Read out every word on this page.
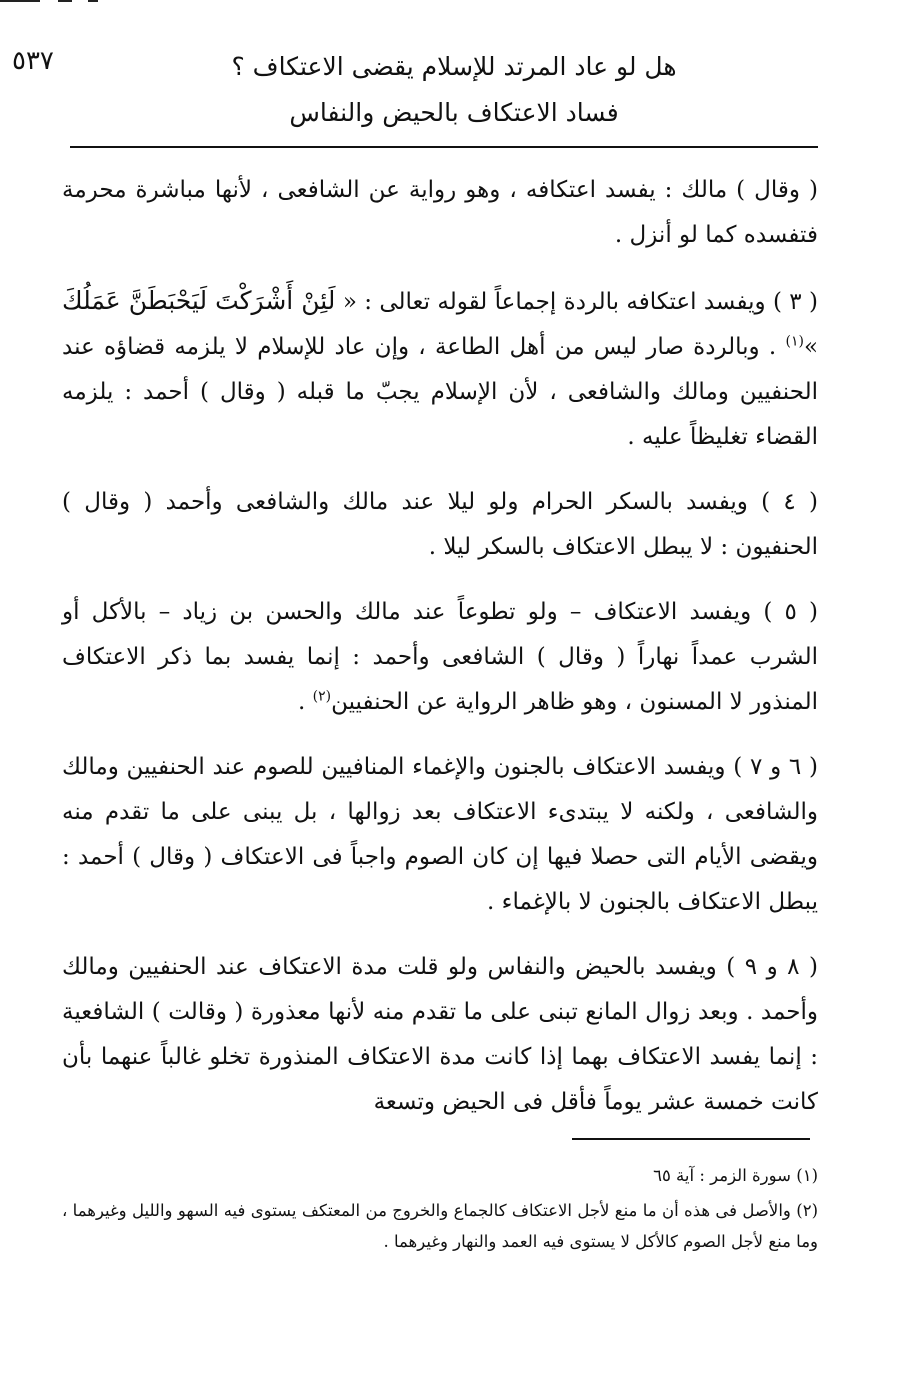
هل لو عاد المرتد للإسلام يقضى الاعتكاف ؟
فساد الاعتكاف بالحيض والنفاس
٥٣٧

( وقال ) مالك : يفسد اعتكافه ، وهو رواية عن الشافعى ، لأنها مباشرة محرمة فتفسده كما لو أنزل .

( ٣ ) ويفسد اعتكافه بالردة إجماعاً لقوله تعالى : « لَئِنْ أَشْرَكْتَ لَيَحْبَطَنَّ عَمَلُكَ »$^{(١)}$ . وبالردة صار ليس من أهل الطاعة ، وإن عاد للإسلام لا يلزمه قضاؤه عند الحنفيين ومالك والشافعى ، لأن الإسلام يجبّ ما قبله ( وقال ) أحمد : يلزمه القضاء تغليظاً عليه .

( ٤ ) ويفسد بالسكر الحرام ولو ليلا عند مالك والشافعى وأحمد ( وقال ) الحنفيون : لا يبطل الاعتكاف بالسكر ليلا .

( ٥ ) ويفسد الاعتكاف – ولو تطوعاً عند مالك والحسن بن زياد – بالأكل أو الشرب عمداً نهاراً ( وقال ) الشافعى وأحمد : إنما يفسد بما ذكر الاعتكاف المنذور لا المسنون ، وهو ظاهر الرواية عن الحنفيين$^{(٢)}$ .

( ٦ و ٧ ) ويفسد الاعتكاف بالجنون والإغماء المنافيين للصوم عند الحنفيين ومالك والشافعى ، ولكنه لا يبتدىء الاعتكاف بعد زوالها ، بل يبنى على ما تقدم منه ويقضى الأيام التى حصلا فيها إن كان الصوم واجباً فى الاعتكاف ( وقال ) أحمد : يبطل الاعتكاف بالجنون لا بالإغماء .

( ٨ و ٩ ) ويفسد بالحيض والنفاس ولو قلت مدة الاعتكاف عند الحنفيين ومالك وأحمد . وبعد زوال المانع تبنى على ما تقدم منه لأنها معذورة ( وقالت ) الشافعية : إنما يفسد الاعتكاف بهما إذا كانت مدة الاعتكاف المنذورة تخلو غالباً عنهما بأن كانت خمسة عشر يوماً فأقل فى الحيض وتسعة

(١) سورة الزمر : آية ٦٥

(٢) والأصل فى هذه أن ما منع لأجل الاعتكاف كالجماع والخروج من المعتكف يستوى فيه السهو والليل وغيرهما ، وما منع لأجل الصوم كالأكل لا يستوى فيه العمد والنهار وغيرهما .
